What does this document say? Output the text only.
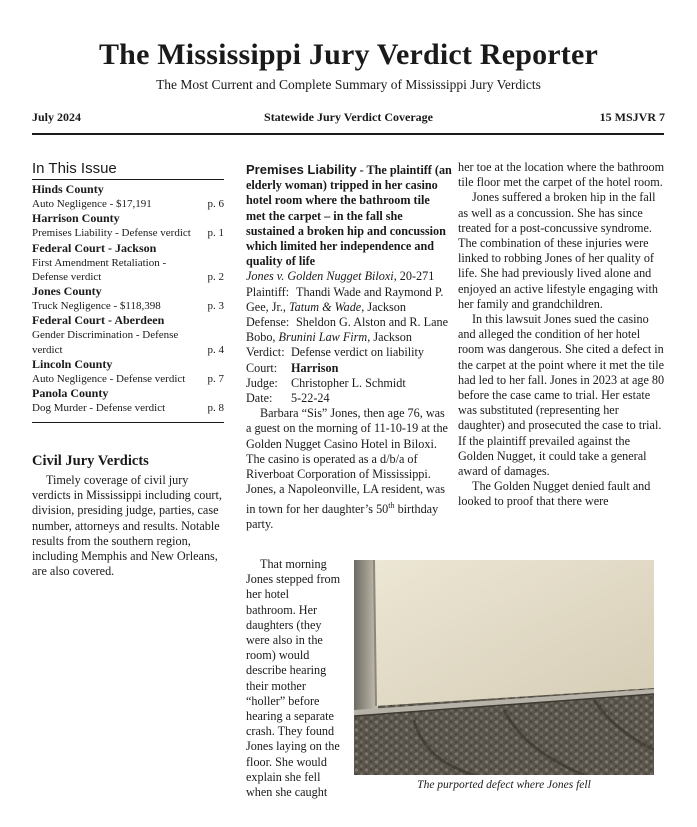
The Mississippi Jury Verdict Reporter
The Most Current and Complete Summary of Mississippi Jury Verdicts
July 2024	Statewide Jury Verdict Coverage	15 MSJVR 7
In This Issue
Hinds County
Auto Negligence - $17,191	p. 6
Harrison County
Premises Liability - Defense verdict p. 1
Federal Court - Jackson
First Amendment Retaliation - Defense verdict	p. 2
Jones County
Truck Negligence - $118,398	p. 3
Federal Court - Aberdeen
Gender Discrimination - Defense verdict	p. 4
Lincoln County
Auto Negligence - Defense verdict p. 7
Panola County
Dog Murder - Defense verdict	p. 8
Civil Jury Verdicts

Timely coverage of civil jury verdicts in Mississippi including court, division, presiding judge, parties, case number, attorneys and results. Notable results from the southern region, including Memphis and New Orleans, are also covered.

Premises Liability - The plaintiff (an elderly woman) tripped in her casino hotel room where the bathroom tile met the carpet – in the fall she sustained a broken hip and concussion which limited her independence and quality of life

Jones v. Golden Nugget Biloxi, 20-271

Plaintiff: Thandi Wade and Raymond P. Gee, Jr., Tatum & Wade, Jackson

Defense: Sheldon G. Alston and R. Lane Bobo, Brunini Law Firm, Jackson

Verdict: Defense verdict on liability
Court:	Harrison
Judge:	Christopher L. Schmidt
Date:	5-22-24

Barbara “Sis” Jones, then age 76, was a guest on the morning of 11-10-19 at the Golden Nugget Casino Hotel in Biloxi. The casino is operated as a d/b/a of Riverboat Corporation of Mississippi. Jones, a Napoleonville, LA resident, was in town for her daughter’s 50th birthday party.

That morning
Jones stepped from
her hotel
bathroom. Her
daughters (they
were also in the
room) would
describe hearing
their mother
“holler” before
hearing a separate
crash. They found
Jones laying on the
floor. She would
explain she fell
when she caught

her toe at the location where the bathroom tile floor met the carpet of the hotel room.

Jones suffered a broken hip in the fall as well as a concussion. She has since treated for a post-concussive syndrome. The combination of these injuries were linked to robbing Jones of her quality of life. She had previously lived alone and enjoyed an active lifestyle engaging with her family and grandchildren.

In this lawsuit Jones sued the casino and alleged the condition of her hotel room was dangerous. She cited a defect in the carpet at the point where it met the tile had led to her fall. Jones in 2023 at age 80 before the case came to trial. Her estate was substituted (representing her daughter) and prosecuted the case to trial. If the plaintiff prevailed against the Golden Nugget, it could take a general award of damages.

The Golden Nugget denied fault and looked to proof that there were

The purported defect where Jones fell
